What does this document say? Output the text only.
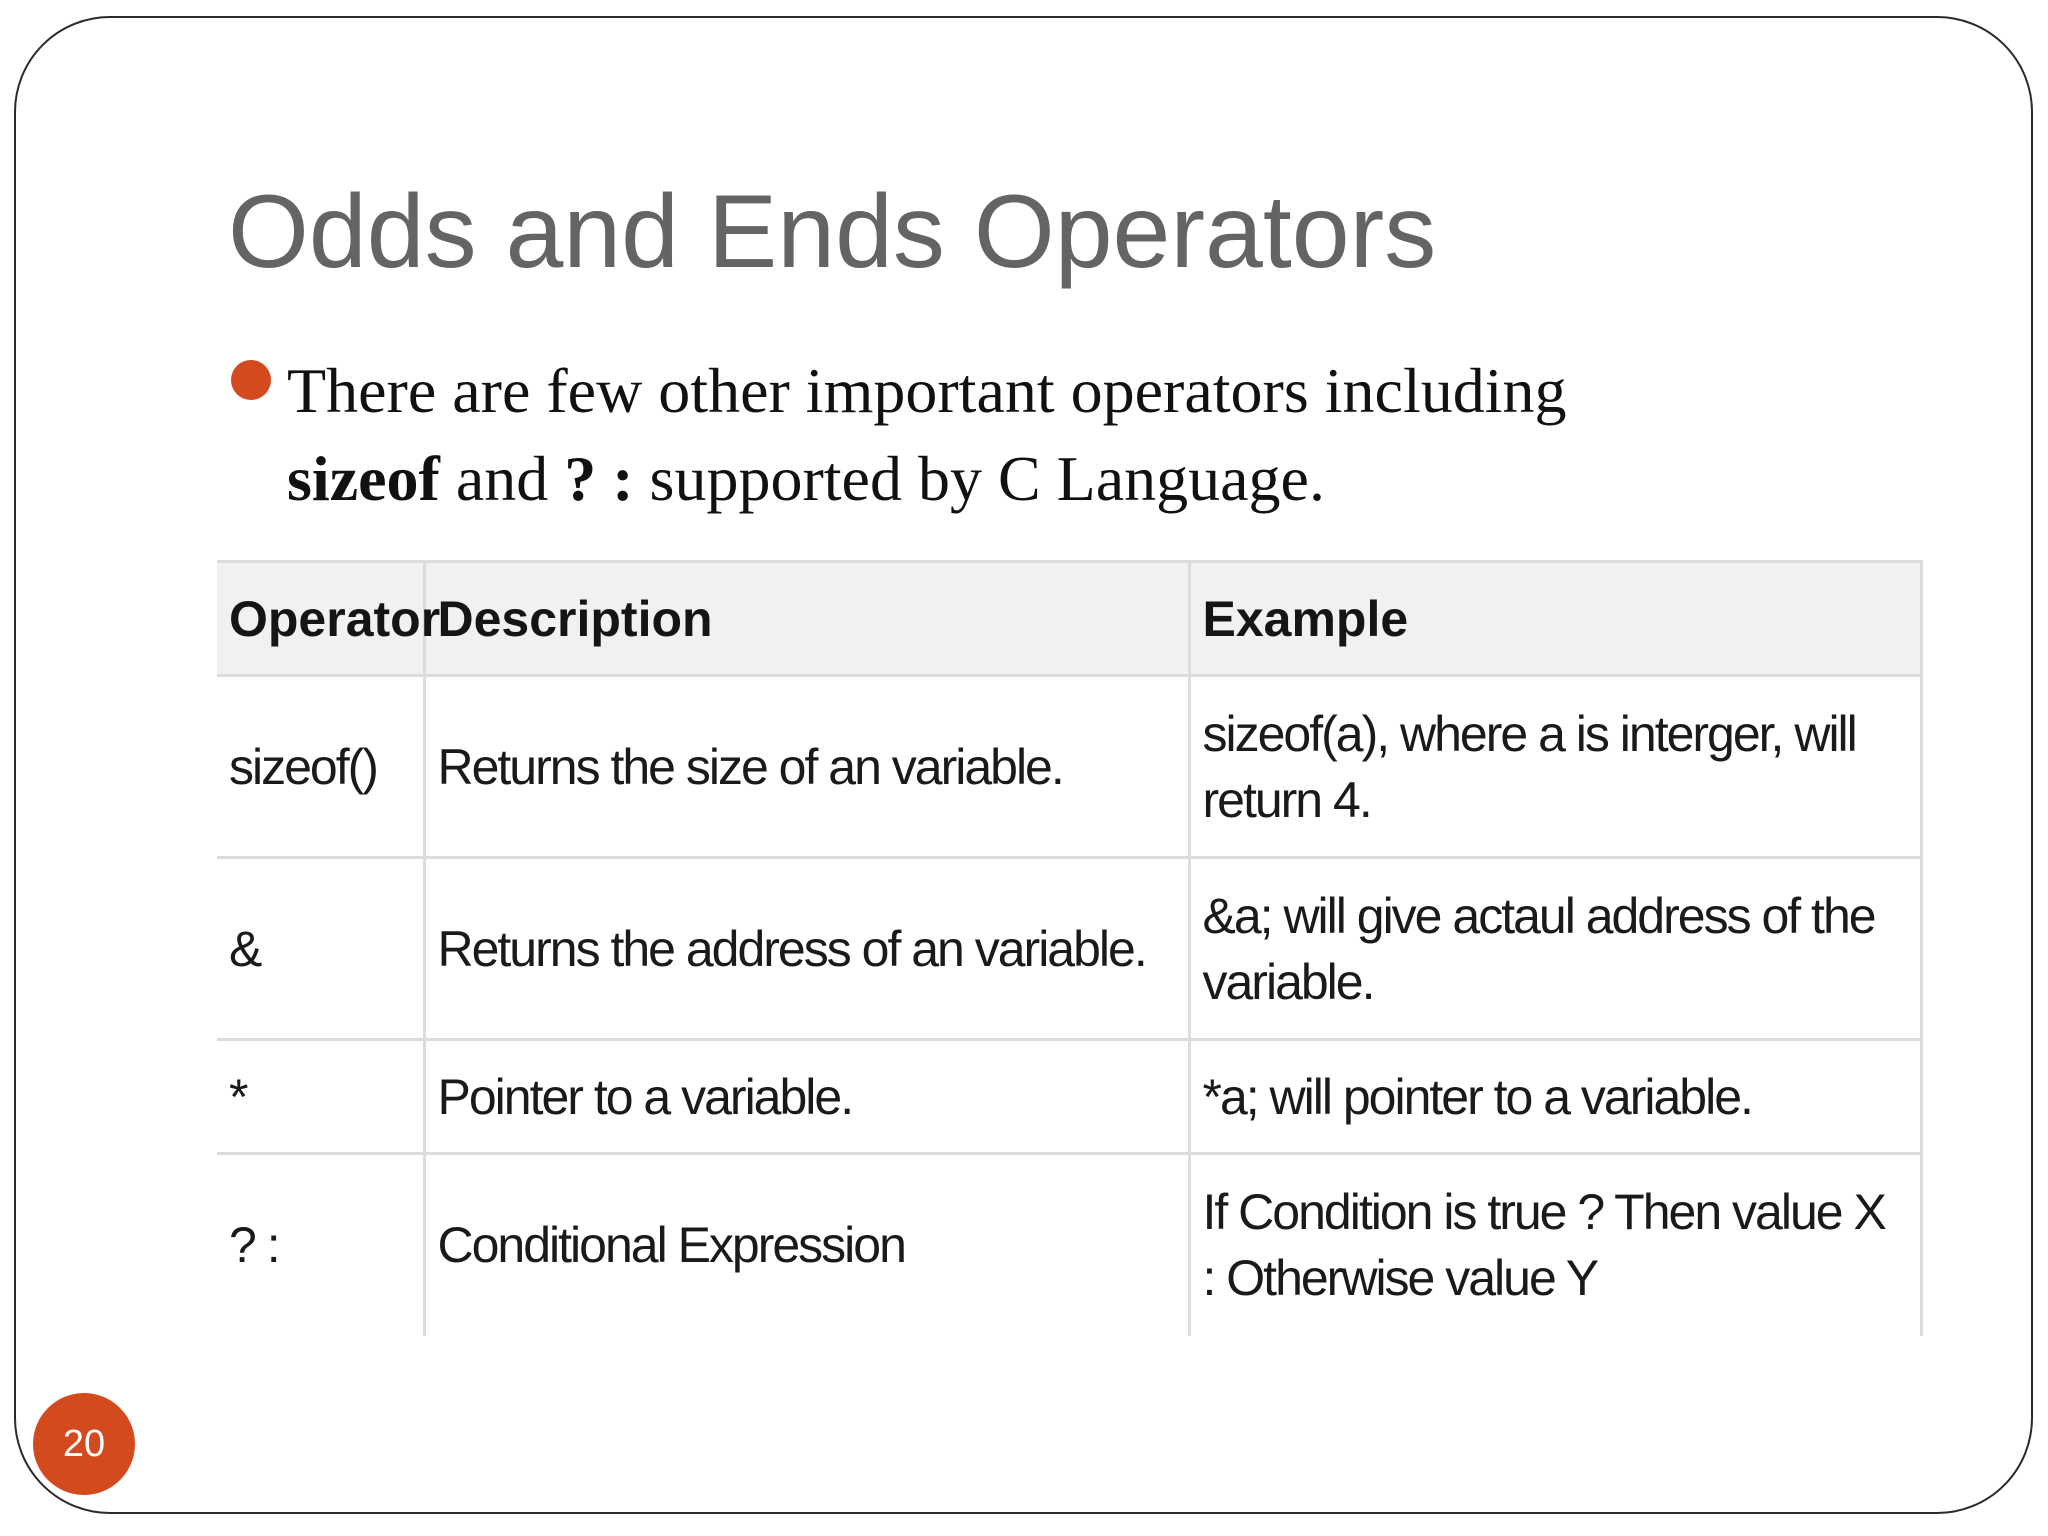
Odds and Ends Operators

There are few other important operators including sizeof and ? : supported by C Language.

Operator	Description	Example
sizeof()	Returns the size of an variable.	sizeof(a), where a is interger, will return 4.
&	Returns the address of an variable.	&a; will give actaul address of the variable.
*	Pointer to a variable.	*a; will pointer to a variable.
? :	Conditional Expression	If Condition is true ? Then value X : Otherwise value Y
20
